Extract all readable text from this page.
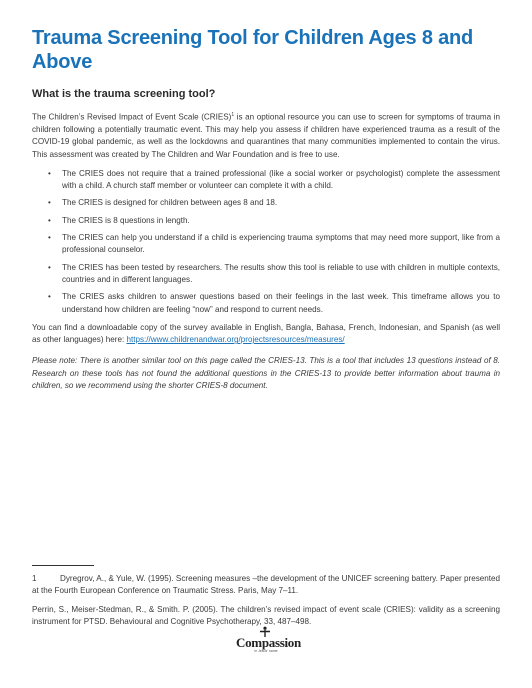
Trauma Screening Tool for Children Ages 8 and Above
What is the trauma screening tool?

The Children’s Revised Impact of Event Scale (CRIES)$^1$ is an optional resource you can use to screen for symptoms of trauma in children following a potentially traumatic event. This may help you assess if children have experienced trauma as a result of the COVID-19 global pandemic, as well as the lockdowns and quarantines that many communities implemented to contain the virus. This assessment was created by The Children and War Foundation and is free to use.

• The CRIES does not require that a trained professional (like a social worker or psychologist) complete the assessment with a child. A church staff member or volunteer can complete it with a child.
• The CRIES is designed for children between ages 8 and 18.
• The CRIES is 8 questions in length.
• The CRIES can help you understand if a child is experiencing trauma symptoms that may need more support, like from a professional counselor.
• The CRIES has been tested by researchers. The results show this tool is reliable to use with children in multiple contexts, countries and in different languages.
• The CRIES asks children to answer questions based on their feelings in the last week. This timeframe allows you to understand how children are feeling “now” and respond to current needs.

You can find a downloadable copy of the survey available in English, Bangla, Bahasa, French, Indonesian, and Spanish (as well as other languages) here: https://www.childrenandwar.org/projectsresources/measures/

Please note: There is another similar tool on this page called the CRIES-13. This is a tool that includes 13 questions instead of 8. Research on these tools has not found the additional questions in the CRIES-13 to provide better information about trauma in children, so we recommend using the shorter CRIES-8 document.

1	Dyregrov, A., & Yule, W. (1995). Screening measures –the development of the UNICEF screening battery. Paper presented at the Fourth European Conference on Traumatic Stress. Paris, May 7–11.

Perrin, S., Meiser-Stedman, R., & Smith. P. (2005). The children’s revised impact of event scale (CRIES): validity as a screening instrument for PTSD. Behavioural and Cognitive Psychotherapy, 33, 487–498.

Compassion
in Jesus' name
